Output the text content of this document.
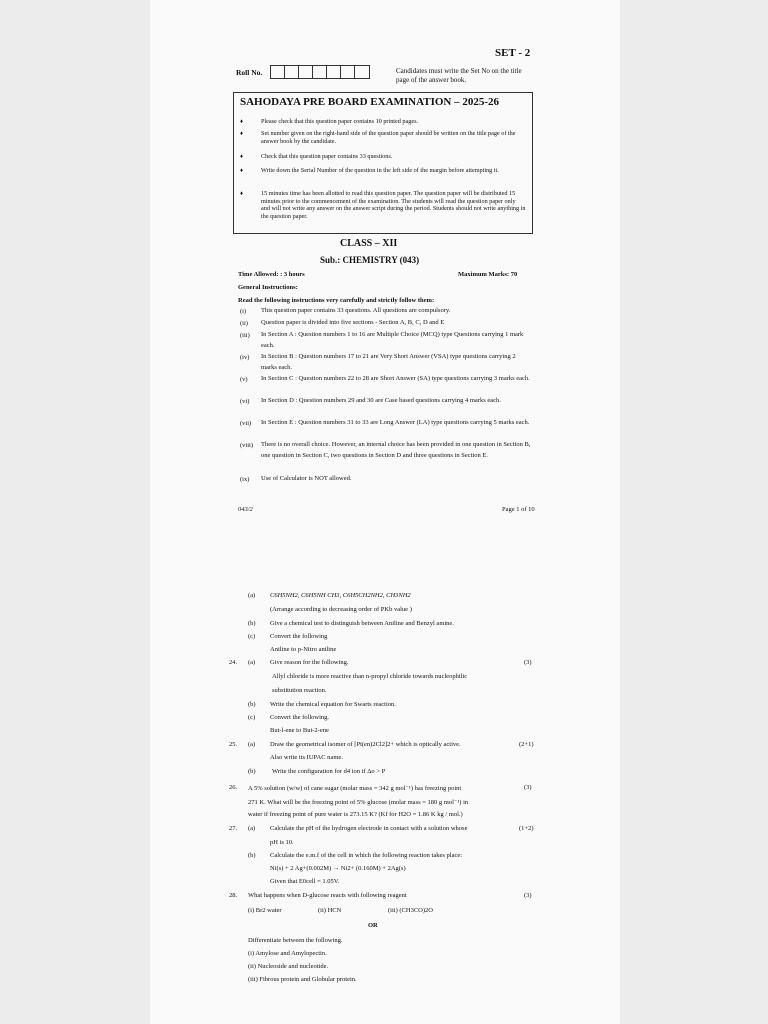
SET - 2
Roll No.	Candidates must write the Set No on the title page of the answer book.
SAHODAYA PRE BOARD EXAMINATION – 2025-26
♦	Please check that this question paper contains 10 printed pages.
♦	Set number given on the right-hand side of the question paper should be written on the title page of the answer book by the candidate.
♦	Check that this question paper contains 33 questions.
♦	Write down the Serial Number of the question in the left side of the margin before attempting it.
♦	15 minutes time has been allotted to read this question paper. The question paper will be distributed 15 minutes prior to the commencement of the examination. The students will read the question paper only and will not write any answer on the answer script during the period. Students should not write anything in the question paper.
CLASS – XII
Sub.: CHEMISTRY (043)
Time Allowed: : 3 hours	Maximum Marks: 70
General Instructions:
Read the following instructions very carefully and strictly follow them:
(i) This question paper contains 33 questions. All questions are compulsory.
(ii) Question paper is divided into five sections - Section A, B, C, D and E
(iii) In Section A : Question numbers 1 to 16 are Multiple Choice (MCQ) type Questions carrying 1 mark each.
(iv) In Section B : Question numbers 17 to 21 are Very Short Answer (VSA) type questions carrying 2 marks each.
(v) In Section C : Question numbers 22 to 28 are Short Answer (SA) type questions carrying 3 marks each.
(vi) In Section D : Question numbers 29 and 30 are Case based questions carrying 4 marks each.
(vii) In Section E : Question numbers 31 to 33 are Long Answer (LA) type questions carrying 5 marks each.
(viii) There is no overall choice. However, an internal choice has been provided in one question in Section B, one question in Section C, two questions in Section D and three questions in Section E.
(ix) Use of Calculator is NOT allowed.
043/2	Page 1 of 10
(a) C6H5NH2, C6H5NH CH3, C6H5CH2NH2, CH3NH2
(Arrange according to decreasing order of PKb value )
(b) Give a chemical test to distinguish between Aniline and Benzyl amine.
(c) Convert the following
Aniline to p-Nitro aniline
24. (a) Give reason for the following.	(3)
Allyl chloride is more reactive than n-propyl chloride towards nucleophilic
substitution reaction.
(b) Write the chemical equation for Swarts reaction.
(c) Convert the following.
But-l-ene to But-2-ene
25. (a) Draw the geometrical isomer of [Pt(en)2Cl2]2+ which is optically active.	(2+1)
Also write its IUPAC name.
(b)	Write the configuration for d4 ion if Δo > P
26. A 5% solution (w/w) of cane sugar (molar mass = 342 g mol⁻¹) has freezing point	(3)
271 K. What will be the freezing point of 5% glucose (molar mass = 180 g mol⁻¹) in
water if freezing point of pure water is 273.15 K? (Kf for H2O = 1.86 K kg / mol.)
27. (a) Calculate the pH of the hydrogen electrode in contact with a solution whose	(1+2)
pH is 10.
(b) Calculate the e.m.f of the cell in which the following reaction takes place:
Ni(s) + 2 Ag+(0.002M) → Ni2+ (0.160M) + 2Ag(s)
Given that E0cell = 1.05V.
28. What happens when D-glucose reacts with following reagent	(3)
(i) Br2 water	(ii) HCN	(iii) (CH3CO)2O
OR
Differentiate between the following.
(i) Amylose and Amylopectin.
(ii) Nucleoside and nucleotide.
(iii) Fibrous protein and Globular protein.
